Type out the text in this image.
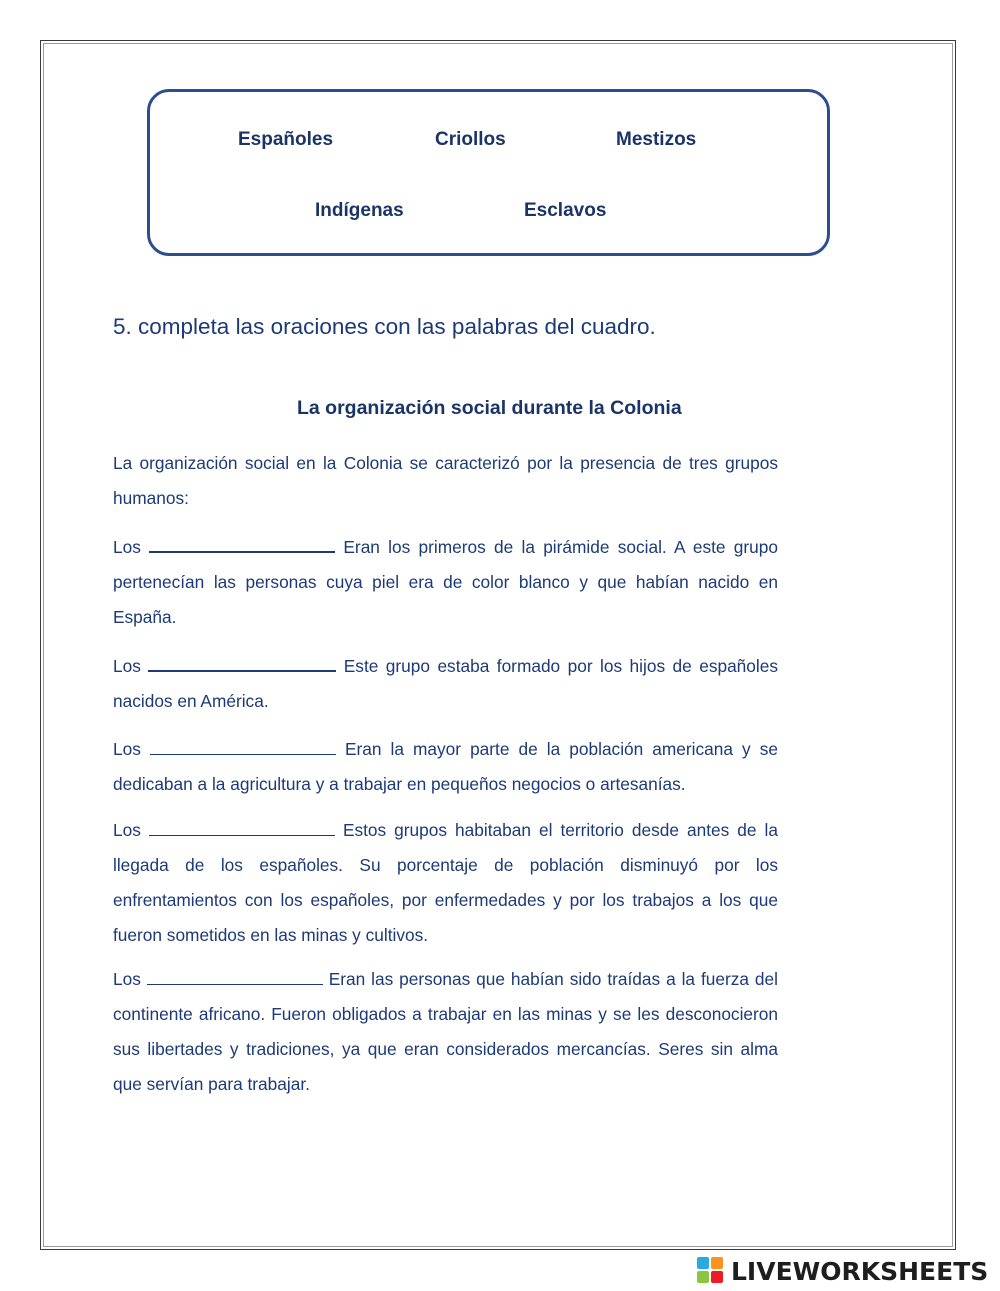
Españoles	Criollos	Mestizos
Indígenas	Esclavos
5. completa las oraciones con las palabras del cuadro.
La organización social durante la Colonia

La organización social en la Colonia se caracterizó por la presencia de tres grupos humanos:

Los	Eran los primeros de la pirámide social. A este grupo pertenecían las personas cuya piel era de color blanco y que habían nacido en España.

Los	Este grupo estaba formado por los hijos de españoles nacidos en América.

Los	Eran la mayor parte de la población americana y se dedicaban a la agricultura y a trabajar en pequeños negocios o artesanías.

Los	Estos grupos habitaban el territorio desde antes de la llegada de los españoles. Su porcentaje de población disminuyó por los enfrentamientos con los españoles, por enfermedades y por los trabajos a los que fueron sometidos en las minas y cultivos.

Los	Eran las personas que habían sido traídas a la fuerza del continente africano. Fueron obligados a trabajar en las minas y se les desconocieron sus libertades y tradiciones, ya que eran considerados mercancías. Seres sin alma que servían para trabajar.

LIVEWORKSHEETS
